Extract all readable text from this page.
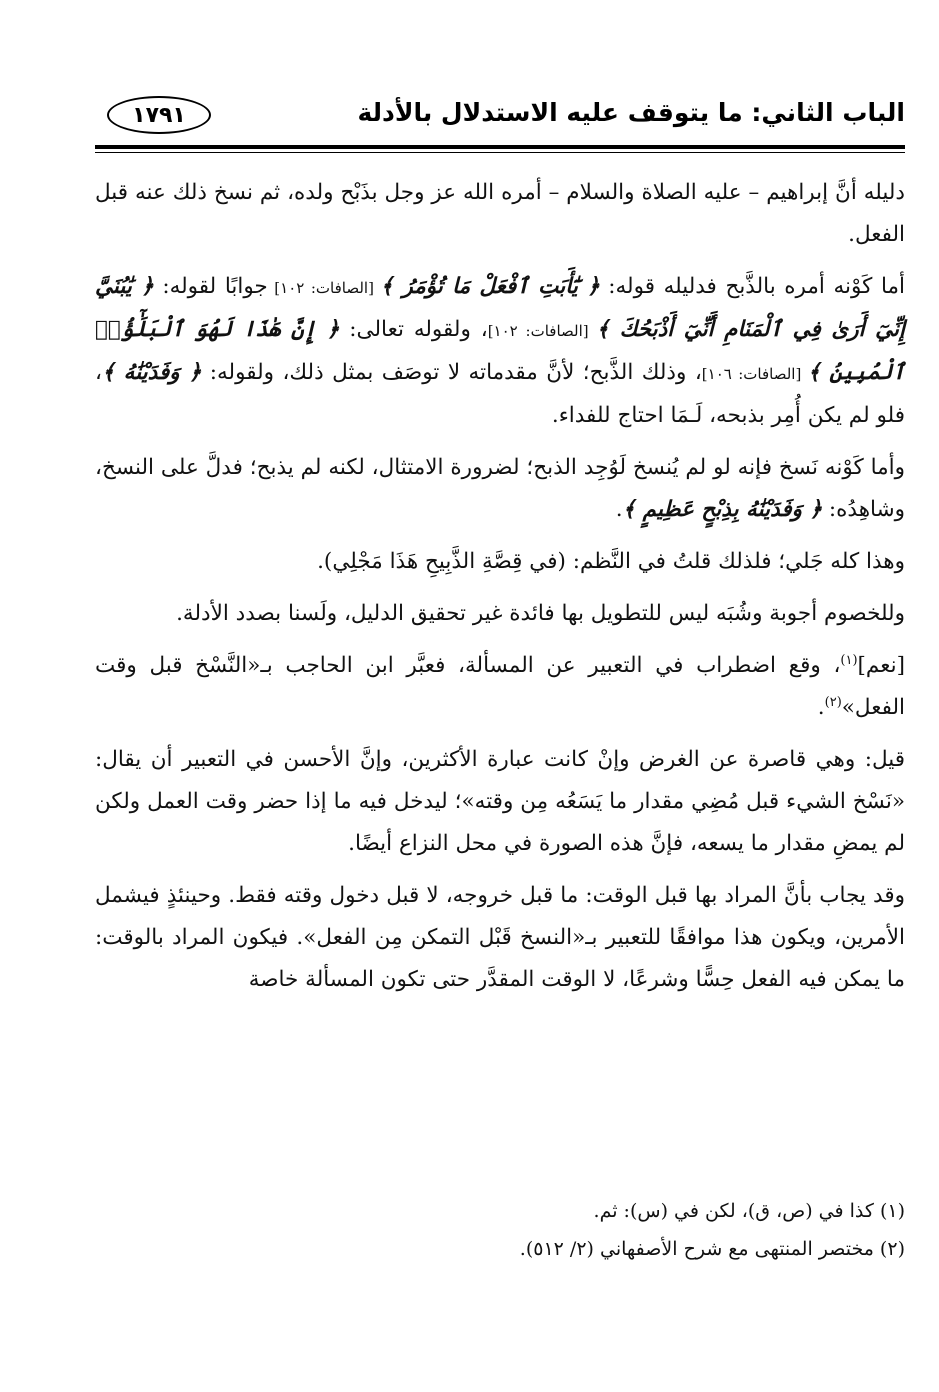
الباب الثاني: ما يتوقف عليه الاستدلال بالأدلة
١٧٩١

دليله أنَّ إبراهيم – عليه الصلاة والسلام – أمره الله عز وجل بذَبْح ولده، ثم نسخ ذلك عنه قبل الفعل.

أما كَوْنه أمره بالذَّبح فدليله قوله: ﴿ يَٰٓأَبَتِ ٱفْعَلْ مَا تُؤْمَرُ ﴾ [الصافات: ١٠٢] جوابًا لقوله: ﴿ يَٰبُنَيَّ إِنِّيٓ أَرَىٰ فِي ٱلْمَنَامِ أَنِّيٓ أَذْبَحُكَ ﴾ [الصافات: ١٠٢]، ولقوله تعالى: ﴿ إِنَّ هَٰذَا لَهُوَ ٱلْبَلَٰٓؤُا۟ ٱلْمُبِينُ ﴾ [الصافات: ١٠٦]، وذلك الذَّبح؛ لأنَّ مقدماته لا توصَف بمثل ذلك، ولقوله: ﴿ وَفَدَيْنَٰهُ ﴾، فلو لم يكن أُمِر بذبحه، لَـمَا احتاج للفداء.

وأما كَوْنه نَسخ فإنه لو لم يُنسخ لَوُجِد الذبح؛ لضرورة الامتثال، لكنه لم يذبح؛ فدلَّ على النسخ، وشاهِدُه: ﴿ وَفَدَيْنَٰهُ بِذِبْحٍ عَظِيمٍ ﴾.

وهذا كله جَلي؛ فلذلك قلتُ في النَّظم: (في قِصَّةِ الذَّبِيحِ هَذَا مَجْلِي).

وللخصوم أجوبة وشُبَه ليس للتطويل بها فائدة غير تحقيق الدليل، ولَسنا بصدد الأدلة.

[نعم]$^{(١)}$، وقع اضطراب في التعبير عن المسألة، فعبَّر ابن الحاجب بـ«النَّسْخ قبل وقت الفعل»$^{(٢)}$.

قيل: وهي قاصرة عن الغرض وإنْ كانت عبارة الأكثرين، وإنَّ الأحسن في التعبير أن يقال: «نَسْخ الشيء قبل مُضِي مقدار ما يَسَعُه مِن وقته»؛ ليدخل فيه ما إذا حضر وقت العمل ولكن لم يمضِ مقدار ما يسعه، فإنَّ هذه الصورة في محل النزاع أيضًا.

وقد يجاب بأنَّ المراد بها قبل الوقت: ما قبل خروجه، لا قبل دخول وقته فقط. وحينئذٍ فيشمل الأمرين، ويكون هذا موافقًا للتعبير بـ«النسخ قَبْل التمكن مِن الفعل». فيكون المراد بالوقت: ما يمكن فيه الفعل حِسًّا وشرعًا، لا الوقت المقدَّر حتى تكون المسألة خاصة

(١) كذا في (ص، ق)، لكن في (س): ثم.

(٢) مختصر المنتهى مع شرح الأصفهاني (٢/ ٥١٢).
